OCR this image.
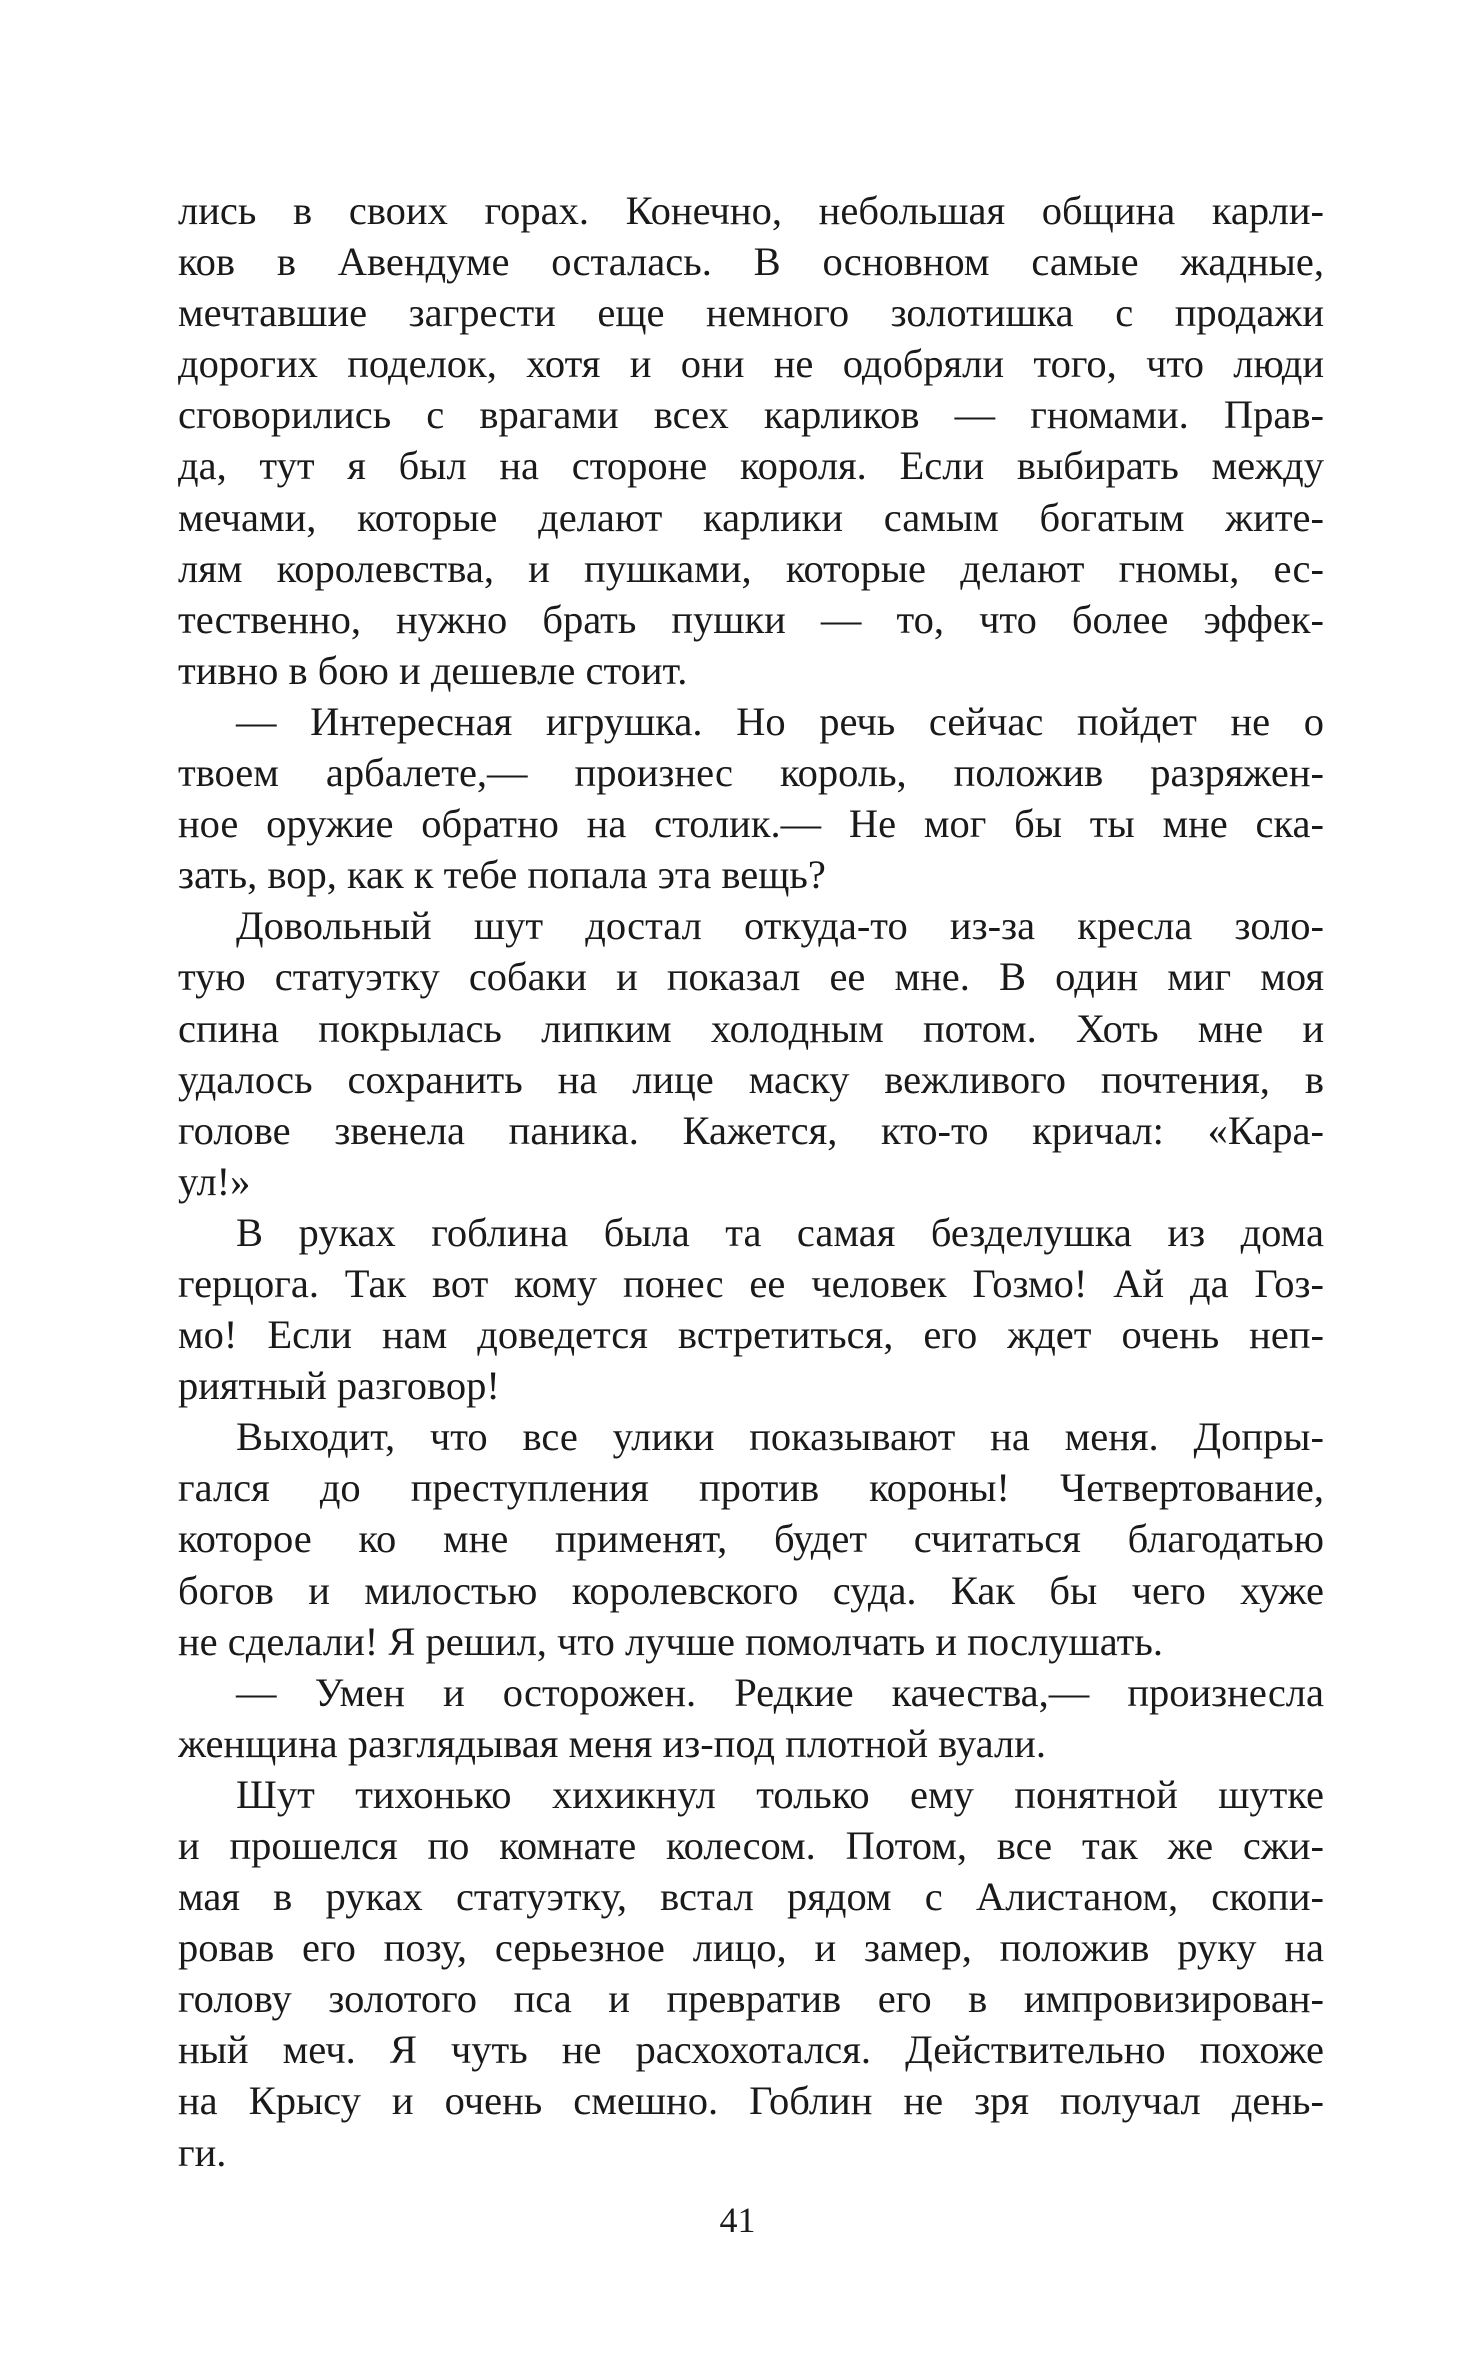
лись в своих горах. Конечно, небольшая община карли-
ков в Авендуме осталась. В основном самые жадные,
мечтавшие загрести еще немного золотишка с продажи
дорогих поделок, хотя и они не одобряли того, что люди
сговорились с врагами всех карликов — гномами. Прав-
да, тут я был на стороне короля. Если выбирать между
мечами, которые делают карлики самым богатым жите-
лям королевства, и пушками, которые делают гномы, ес-
тественно, нужно брать пушки — то, что более эффек-
тивно в бою и дешевле стоит.
— Интересная игрушка. Но речь сейчас пойдет не о
твоем арбалете,— произнес король, положив разряжен-
ное оружие обратно на столик.— Не мог бы ты мне ска-
зать, вор, как к тебе попала эта вещь?
Довольный шут достал откуда-то из-за кресла золо-
тую статуэтку собаки и показал ее мне. В один миг моя
спина покрылась липким холодным потом. Хоть мне и
удалось сохранить на лице маску вежливого почтения, в
голове звенела паника. Кажется, кто-то кричал: «Кара-
ул!»
В руках гоблина была та самая безделушка из дома
герцога. Так вот кому понес ее человек Гозмо! Ай да Гоз-
мо! Если нам доведется встретиться, его ждет очень неп-
риятный разговор!
Выходит, что все улики показывают на меня. Допры-
гался до преступления против короны! Четвертование,
которое ко мне применят, будет считаться благодатью
богов и милостью королевского суда. Как бы чего хуже
не сделали! Я решил, что лучше помолчать и послушать.
— Умен и осторожен. Редкие качества,— произнесла
женщина разглядывая меня из-под плотной вуали.
Шут тихонько хихикнул только ему понятной шутке
и прошелся по комнате колесом. Потом, все так же сжи-
мая в руках статуэтку, встал рядом с Алистаном, скопи-
ровав его позу, серьезное лицо, и замер, положив руку на
голову золотого пса и превратив его в импровизирован-
ный меч. Я чуть не расхохотался. Действительно похоже
на Крысу и очень смешно. Гоблин не зря получал день-
ги.
41
